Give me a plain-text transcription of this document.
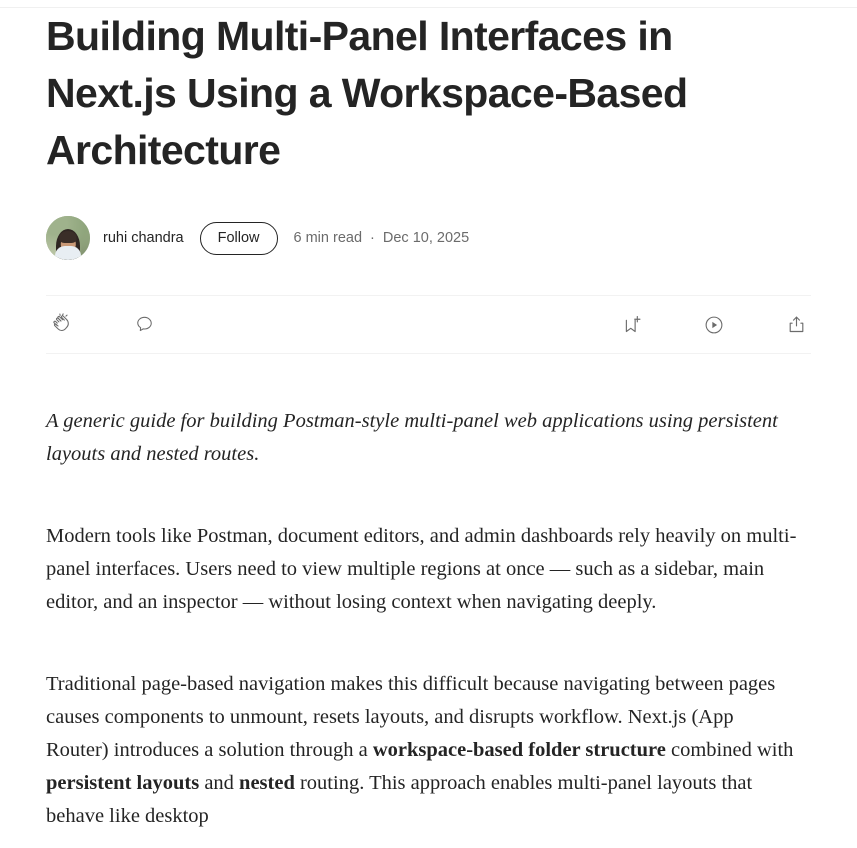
Building Multi-Panel Interfaces in Next.js Using a Workspace-Based Architecture
ruhi chandra	Follow	6 min read · Dec 10, 2025

A generic guide for building Postman-style multi-panel web applications using persistent layouts and nested routes.

Modern tools like Postman, document editors, and admin dashboards rely heavily on multi-panel interfaces. Users need to view multiple regions at once — such as a sidebar, main editor, and an inspector — without losing context when navigating deeply.

Traditional page-based navigation makes this difficult because navigating between pages causes components to unmount, resets layouts, and disrupts workflow. Next.js (App Router) introduces a solution through a workspace-based folder structure combined with persistent layouts and nested routing. This approach enables multi-panel layouts that behave like desktop
